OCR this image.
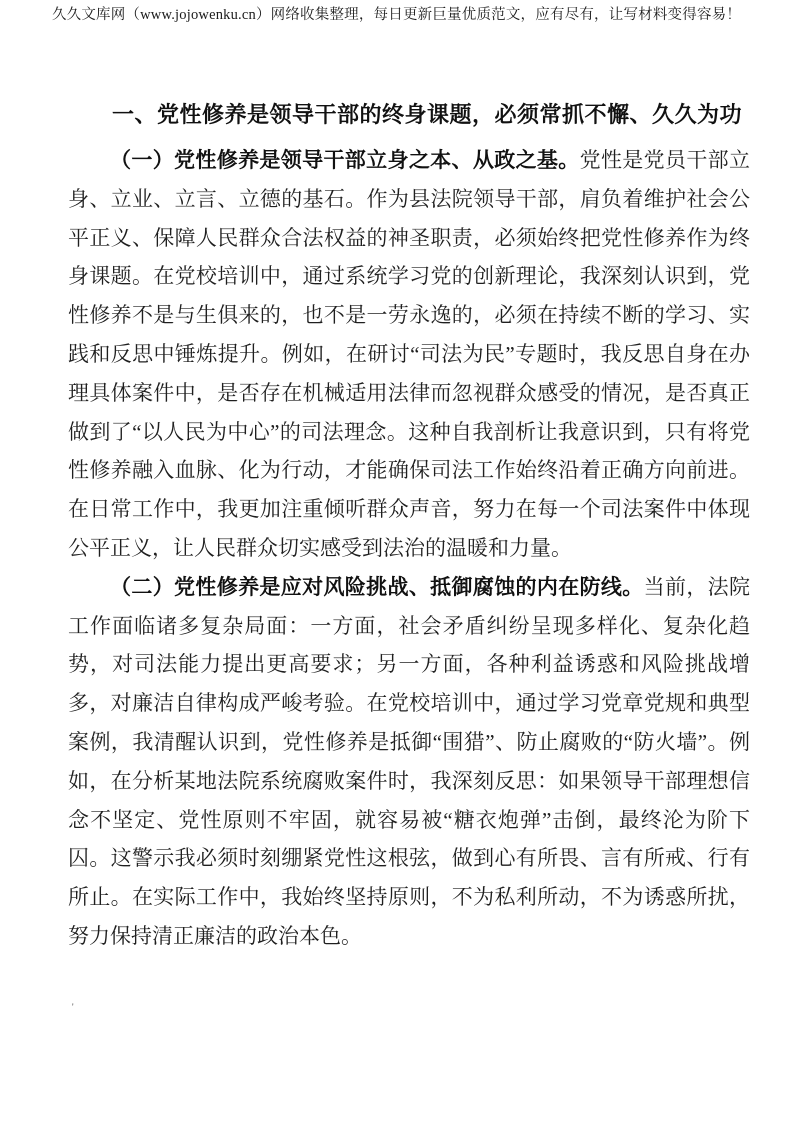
久久文库网（www.jojowenku.cn）网络收集整理，每日更新巨量优质范文，应有尽有，让写材料变得容易！
一、党性修养是领导干部的终身课题，必须常抓不懈、久久为功

（一）党性修养是领导干部立身之本、从政之基。党性是党员干部立身、立业、立言、立德的基石。作为县法院领导干部，肩负着维护社会公平正义、保障人民群众合法权益的神圣职责，必须始终把党性修养作为终身课题。在党校培训中，通过系统学习党的创新理论，我深刻认识到，党性修养不是与生俱来的，也不是一劳永逸的，必须在持续不断的学习、实践和反思中锤炼提升。例如，在研讨“司法为民”专题时，我反思自身在办理具体案件中，是否存在机械适用法律而忽视群众感受的情况，是否真正做到了“以人民为中心”的司法理念。这种自我剖析让我意识到，只有将党性修养融入血脉、化为行动，才能确保司法工作始终沿着正确方向前进。在日常工作中，我更加注重倾听群众声音，努力在每一个司法案件中体现公平正义，让人民群众切实感受到法治的温暖和力量。

（二）党性修养是应对风险挑战、抵御腐蚀的内在防线。当前，法院工作面临诸多复杂局面：一方面，社会矛盾纠纷呈现多样化、复杂化趋势，对司法能力提出更高要求；另一方面，各种利益诱惑和风险挑战增多，对廉洁自律构成严峻考验。在党校培训中，通过学习党章党规和典型案例，我清醒认识到，党性修养是抵御“围猎”、防止腐败的“防火墙”。例如，在分析某地法院系统腐败案件时，我深刻反思：如果领导干部理想信念不坚定、党性原则不牢固，就容易被“糖衣炮弹”击倒，最终沦为阶下囚。这警示我必须时刻绷紧党性这根弦，做到心有所畏、言有所戒、行有所止。在实际工作中，我始终坚持原则，不为私利所动，不为诱惑所扰，努力保持清正廉洁的政治本色。

'
